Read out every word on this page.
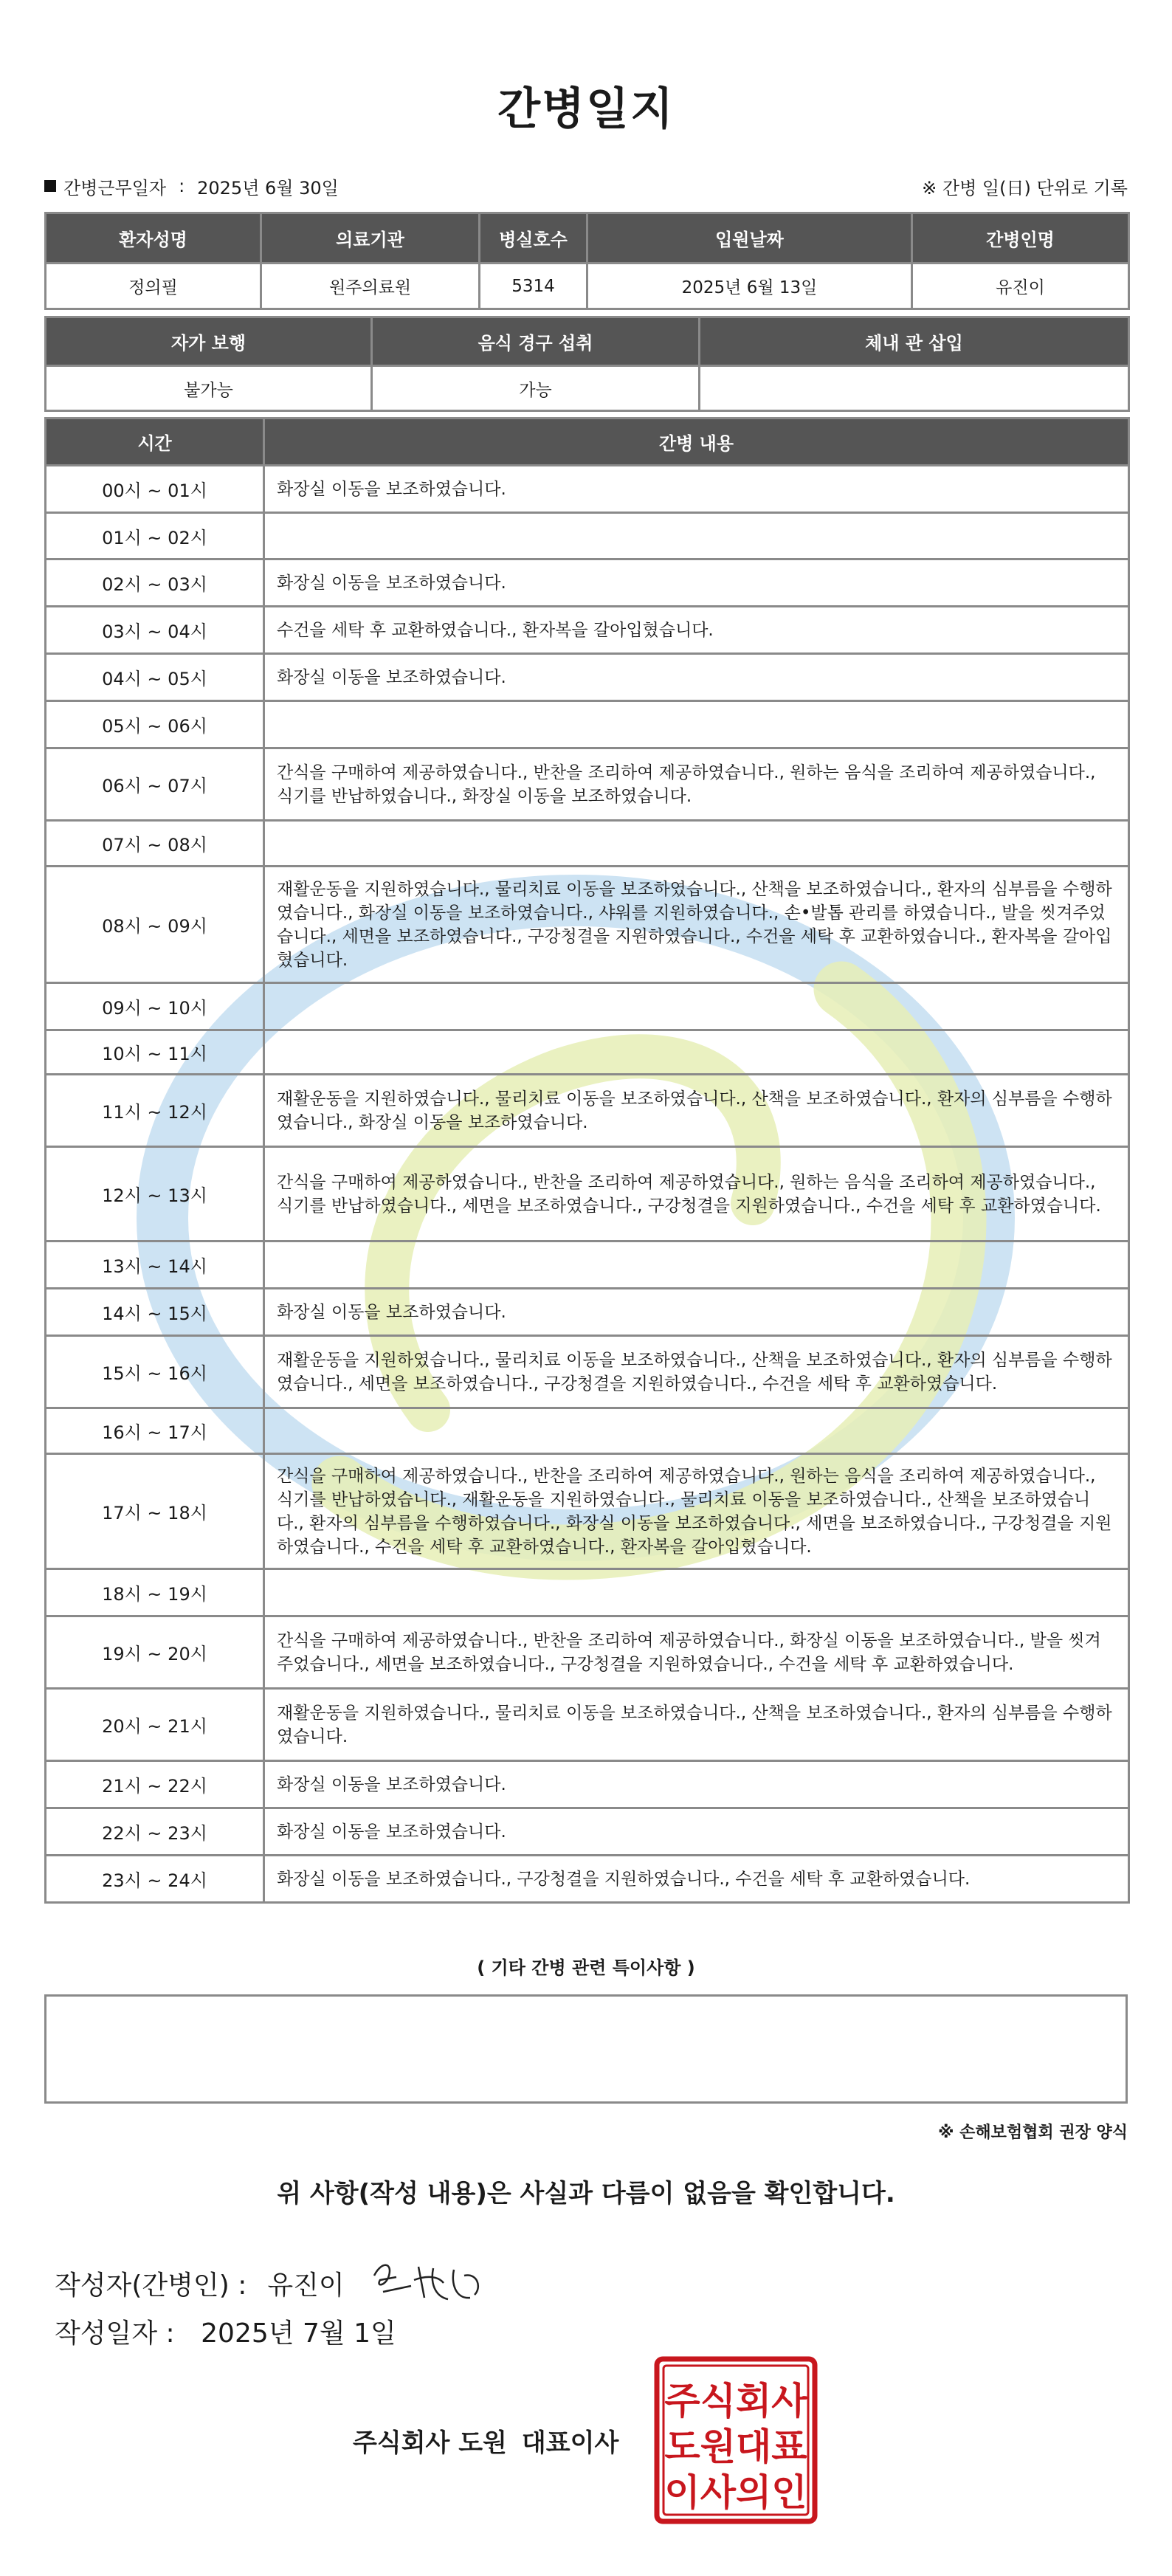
간병일지
간병근무일자 : 2025년 6월 30일	※ 간병 일(日) 단위로 기록
환자성명	의료기관	병실호수	입원날짜	간병인명
정의필	원주의료원	5314	2025년 6월 13일	유진이
자가 보행	음식 경구 섭취	체내 관 삽입
불가능	가능	
시간	간병 내용
00시 ~ 01시	화장실 이동을 보조하였습니다.
01시 ~ 02시	
02시 ~ 03시	화장실 이동을 보조하였습니다.
03시 ~ 04시	수건을 세탁 후 교환하였습니다., 환자복을 갈아입혔습니다.
04시 ~ 05시	화장실 이동을 보조하였습니다.
05시 ~ 06시	
06시 ~ 07시	간식을 구매하여 제공하였습니다., 반찬을 조리하여 제공하였습니다., 원하는 음식을 조리하여 제공하였습니다., 식기를 반납하였습니다., 화장실 이동을 보조하였습니다.
07시 ~ 08시	
08시 ~ 09시	재활운동을 지원하였습니다., 물리치료 이동을 보조하였습니다., 산책을 보조하였습니다., 환자의 심부름을 수행하였습니다., 화장실 이동을 보조하였습니다., 샤워를 지원하였습니다., 손•발톱 관리를 하였습니다., 발을 씻겨주었습니다., 세면을 보조하였습니다., 구강청결을 지원하였습니다., 수건을 세탁 후 교환하였습니다., 환자복을 갈아입혔습니다.
09시 ~ 10시	
10시 ~ 11시	
11시 ~ 12시	재활운동을 지원하였습니다., 물리치료 이동을 보조하였습니다., 산책을 보조하였습니다., 환자의 심부름을 수행하였습니다., 화장실 이동을 보조하였습니다.
12시 ~ 13시	간식을 구매하여 제공하였습니다., 반찬을 조리하여 제공하였습니다., 원하는 음식을 조리하여 제공하였습니다., 식기를 반납하였습니다., 세면을 보조하였습니다., 구강청결을 지원하였습니다., 수건을 세탁 후 교환하였습니다.
13시 ~ 14시	
14시 ~ 15시	화장실 이동을 보조하였습니다.
15시 ~ 16시	재활운동을 지원하였습니다., 물리치료 이동을 보조하였습니다., 산책을 보조하였습니다., 환자의 심부름을 수행하였습니다., 세면을 보조하였습니다., 구강청결을 지원하였습니다., 수건을 세탁 후 교환하였습니다.
16시 ~ 17시	
17시 ~ 18시	간식을 구매하여 제공하였습니다., 반찬을 조리하여 제공하였습니다., 원하는 음식을 조리하여 제공하였습니다., 식기를 반납하였습니다., 재활운동을 지원하였습니다., 물리치료 이동을 보조하였습니다., 산책을 보조하였습니다., 환자의 심부름을 수행하였습니다., 화장실 이동을 보조하였습니다., 세면을 보조하였습니다., 구강청결을 지원하였습니다., 수건을 세탁 후 교환하였습니다., 환자복을 갈아입혔습니다.
18시 ~ 19시	
19시 ~ 20시	간식을 구매하여 제공하였습니다., 반찬을 조리하여 제공하였습니다., 화장실 이동을 보조하였습니다., 발을 씻겨주었습니다., 세면을 보조하였습니다., 구강청결을 지원하였습니다., 수건을 세탁 후 교환하였습니다.
20시 ~ 21시	재활운동을 지원하였습니다., 물리치료 이동을 보조하였습니다., 산책을 보조하였습니다., 환자의 심부름을 수행하였습니다.
21시 ~ 22시	화장실 이동을 보조하였습니다.
22시 ~ 23시	화장실 이동을 보조하였습니다.
23시 ~ 24시	화장실 이동을 보조하였습니다., 구강청결을 지원하였습니다., 수건을 세탁 후 교환하였습니다.
( 기타 간병 관련 특이사항 )
※ 손해보험협회 권장 양식
위 사항(작성 내용)은 사실과 다름이 없음을 확인합니다.
작성자(간병인) : 유진이
작성일자 : 2025년 7월 1일
주식회사 도원 대표이사
주식회사
도원대표
이사의인
